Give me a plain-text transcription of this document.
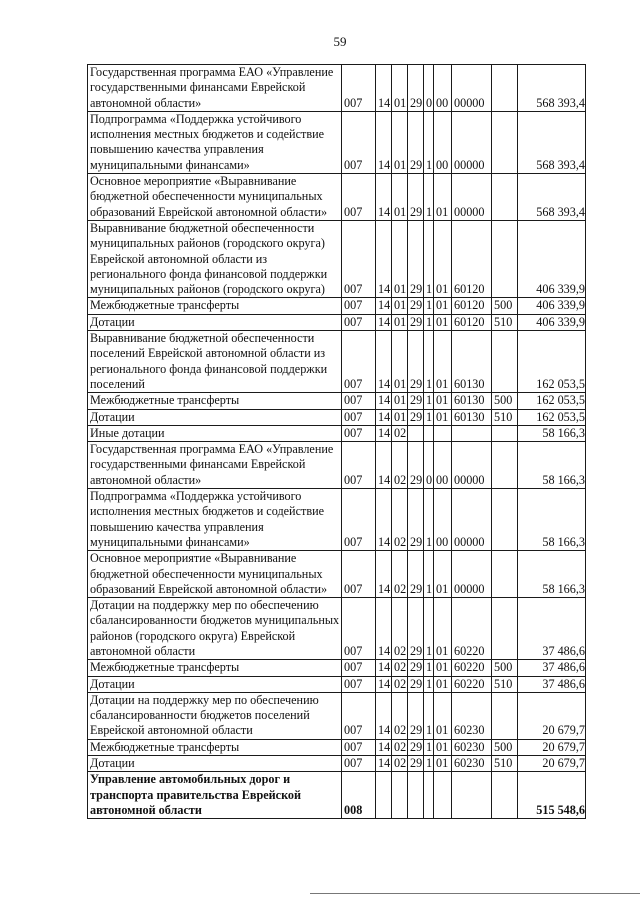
59
Государственная программа ЕАО «Управление государственными финансами Еврейской автономной области»	007	14	01	29	0	00	00000		568 393,4
Подпрограмма «Поддержка устойчивого исполнения местных бюджетов и содействие повышению качества управления муниципальными финансами»	007	14	01	29	1	00	00000		568 393,4
Основное мероприятие «Выравнивание бюджетной обеспеченности муниципальных образований Еврейской автономной области»	007	14	01	29	1	01	00000		568 393,4
Выравнивание бюджетной обеспеченности муниципальных районов (городского округа) Еврейской автономной области из регионального фонда финансовой поддержки муниципальных районов (городского округа)	007	14	01	29	1	01	60120		406 339,9
Межбюджетные трансферты	007	14	01	29	1	01	60120	500	406 339,9
Дотации	007	14	01	29	1	01	60120	510	406 339,9
Выравнивание бюджетной обеспеченности поселений Еврейской автономной области из регионального фонда финансовой поддержки поселений	007	14	01	29	1	01	60130		162 053,5
Межбюджетные трансферты	007	14	01	29	1	01	60130	500	162 053,5
Дотации	007	14	01	29	1	01	60130	510	162 053,5
Иные дотации	007	14	02						58 166,3
Государственная программа ЕАО «Управление государственными финансами Еврейской автономной области»	007	14	02	29	0	00	00000		58 166,3
Подпрограмма «Поддержка устойчивого исполнения местных бюджетов и содействие повышению качества управления муниципальными финансами»	007	14	02	29	1	00	00000		58 166,3
Основное мероприятие «Выравнивание бюджетной обеспеченности муниципальных образований Еврейской автономной области»	007	14	02	29	1	01	00000		58 166,3
Дотации на поддержку мер по обеспечению сбалансированности бюджетов муниципальных районов (городского округа) Еврейской автономной области	007	14	02	29	1	01	60220		37 486,6
Межбюджетные трансферты	007	14	02	29	1	01	60220	500	37 486,6
Дотации	007	14	02	29	1	01	60220	510	37 486,6
Дотации на поддержку мер по обеспечению сбалансированности бюджетов поселений Еврейской автономной области	007	14	02	29	1	01	60230		20 679,7
Межбюджетные трансферты	007	14	02	29	1	01	60230	500	20 679,7
Дотации	007	14	02	29	1	01	60230	510	20 679,7
Управление автомобильных дорог и транспорта правительства Еврейской автономной области	008								515 548,6
